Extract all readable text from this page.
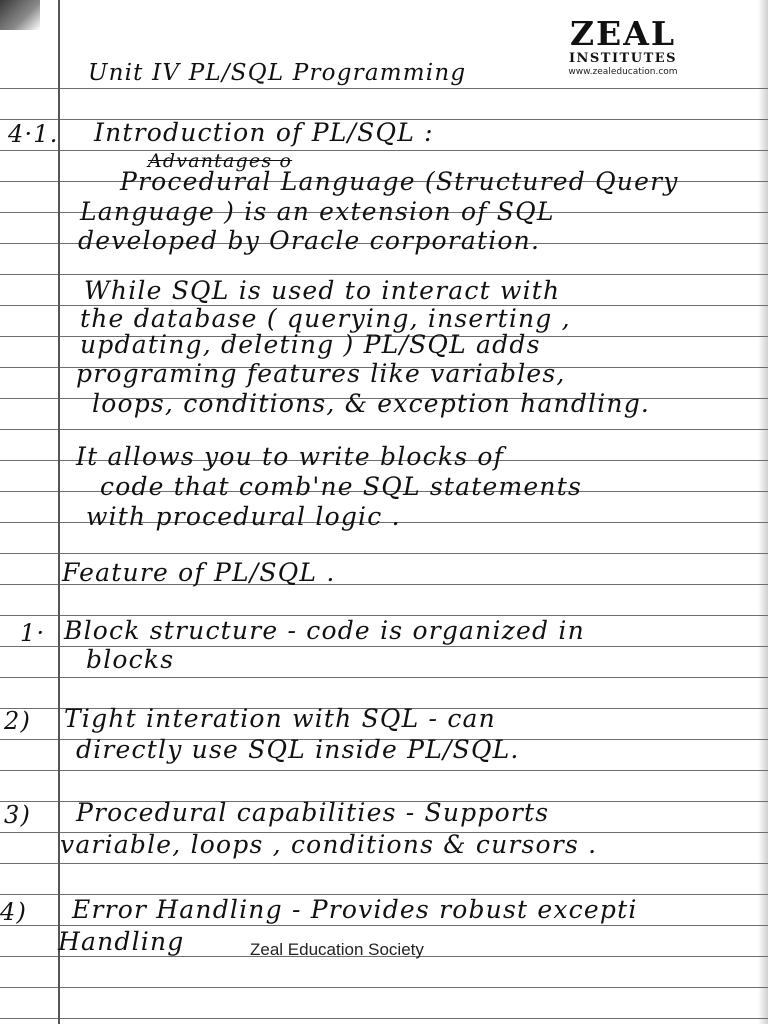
ZEAL
INSTITUTES
www.zealeducation.com
Unit IV PL/SQL Programming
4·1. Introduction of PL/SQL :
Advantages o
Procedural Language (Structured Query
Language ) is an extension of SQL
developed by Oracle corporation.
While SQL is used to interact with
the database ( querying, inserting ,
updating, deleting ) PL/SQL adds
programing features like variables,
loops, conditions, & exception handling.
It allows you to write blocks of
code that comb'ne SQL statements
with procedural logic .
Feature of PL/SQL .
1· Block structure - code is organized in
blocks
2) Tight interation with SQL - can
directly use SQL inside PL/SQL.
3) Procedural capabilities - Supports
variable, loops , conditions & cursors .
4) Error Handling - Provides robust excepti
Handling	Zeal Education Society
